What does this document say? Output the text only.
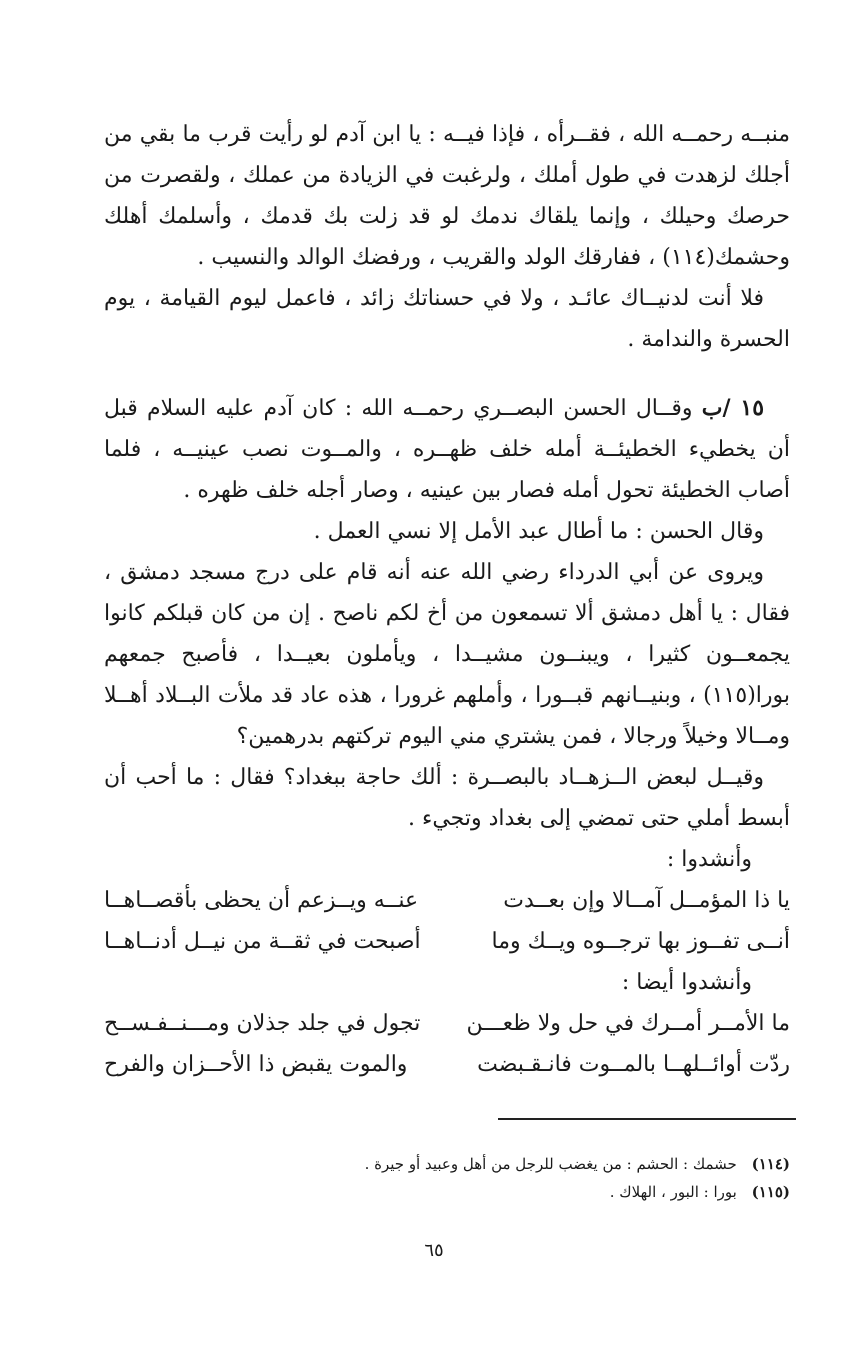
منبــه رحمــه الله ، فقــرأه ، فإذا فيــه : يا ابن آدم لو رأيت قرب ما بقي من أجلك لزهدت في طول أملك ، ولرغبت في الزيادة من عملك ، ولقصرت من حرصك وحيلك ، وإنما يلقاك ندمك لو قد زلت بك قدمك ، وأسلمك أهلك وحشمك(١١٤) ، ففارقك الولد والقريب ، ورفضك الوالد والنسيب .

فلا أنت لدنيــاك عائـد ، ولا في حسناتك زائد ، فاعمل ليوم القيامة ، يوم الحسرة والندامة .

١٥ /ب وقــال الحسن البصــري رحمــه الله : كان آدم عليه السلام قبل أن يخطيء الخطيئــة أمله خلف ظهــره ، والمــوت نصب عينيــه ، فلما أصاب الخطيئة تحول أمله فصار بين عينيه ، وصار أجله خلف ظهره .

وقال الحسن : ما أطال عبد الأمل إلا نسي العمل .

ويروى عن أبي الدرداء رضي الله عنه أنه قام على درج مسجد دمشق ، فقال : يا أهل دمشق ألا تسمعون من أخ لكم ناصح . إن من كان قبلكم كانوا يجمعــون كثيرا ، ويبنــون مشيــدا ، ويأملون بعيــدا ، فأصبح جمعهم بورا(١١٥) ، وبنيــانهم قبــورا ، وأملهم غرورا ، هذه عاد قد ملأت البــلاد أهــلا ومــالا وخيلاً ورجالا ، فمن يشتري مني اليوم تركتهم بدرهمين؟

وقيــل لبعض الــزهــاد بالبصــرة : ألك حاجة ببغداد؟ فقال : ما أحب أن أبسط أملي حتى تمضي إلى بغداد وتجيء .

وأنشدوا :

يا ذا المؤمــل آمــالا وإن بعــدت
عنــه ويــزعم أن يحظى بأقصــاهــا
أنــى تفــوز بها ترجــوه ويــك وما
أصبحت في ثقــة من نيــل أدنــاهــا

وأنشدوا أيضا :

ما الأمــر أمــرك في حل ولا ظعـــن
تجول في جلد جذلان ومـــنــفـســح
ردّت أوائــلهــا بالمــوت فانـقـبضت
والموت يقبض ذا الأحــزان والفرح
(١١٤) حشمك : الحشم : من يغضب للرجل من أهل وعبيد أو جيرة .
(١١٥) بورا : البور ، الهلاك .
٦٥
